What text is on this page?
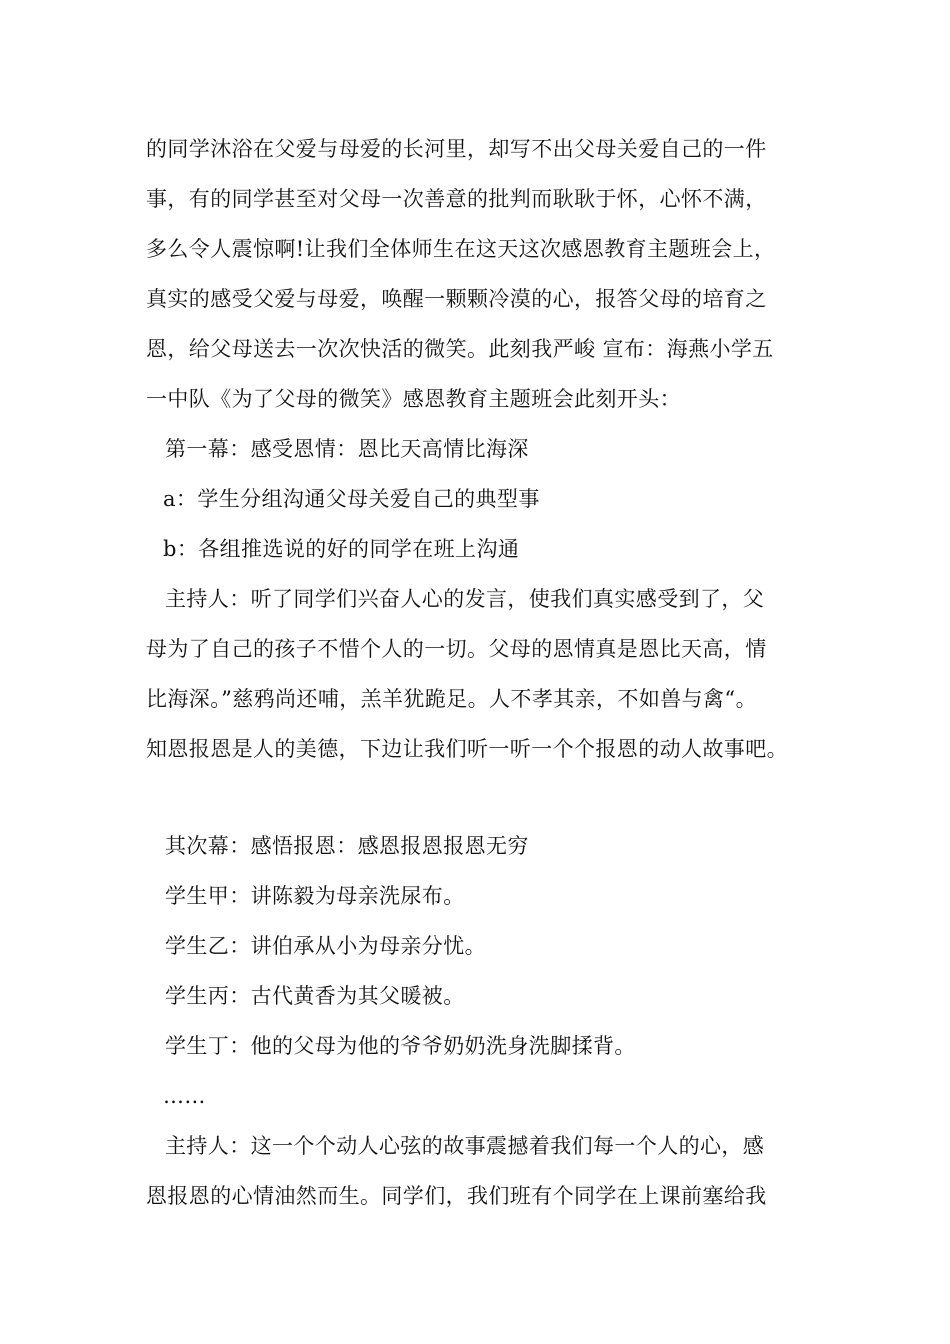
的同学沐浴在父爱与母爱的长河里，却写不出父母关爱自己的一件
事，有的同学甚至对父母一次善意的批判而耿耿于怀，心怀不满，
多么令人震惊啊!让我们全体师生在这天这次感恩教育主题班会上，
真实的感受父爱与母爱，唤醒一颗颗冷漠的心，报答父母的培育之
恩，给父母送去一次次快活的微笑。此刻我严峻 宣布：海燕小学五
一中队《为了父母的微笑》感恩教育主题班会此刻开头：
第一幕：感受恩情：恩比天高情比海深
a：学生分组沟通父母关爱自己的典型事
b：各组推选说的好的同学在班上沟通
主持人：听了同学们兴奋人心的发言，使我们真实感受到了，父
母为了自己的孩子不惜个人的一切。父母的恩情真是恩比天高，情
比海深。”慈鸦尚还哺，羔羊犹跪足。人不孝其亲，不如兽与禽“。
知恩报恩是人的美德，下边让我们听一听一个个报恩的动人故事吧。
其次幕：感悟报恩：感恩报恩报恩无穷
学生甲：讲陈毅为母亲洗尿布。
学生乙：讲伯承从小为母亲分忧。
学生丙：古代黄香为其父暖被。
学生丁：他的父母为他的爷爷奶奶洗身洗脚揉背。
……
主持人：这一个个动人心弦的故事震撼着我们每一个人的心，感
恩报恩的心情油然而生。同学们，我们班有个同学在上课前塞给我
